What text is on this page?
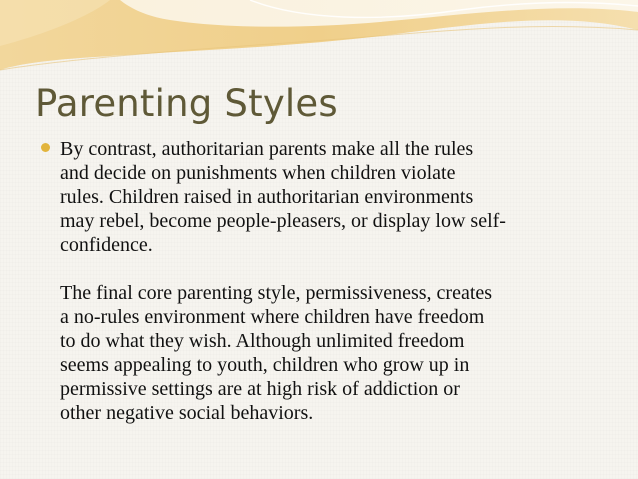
Parenting Styles

By contrast, authoritarian parents make all the rules
and decide on punishments when children violate
rules. Children raised in authoritarian environments
may rebel, become people-pleasers, or display low self-
confidence.
The final core parenting style, permissiveness, creates
a no-rules environment where children have freedom
to do what they wish. Although unlimited freedom
seems appealing to youth, children who grow up in
permissive settings are at high risk of addiction or
other negative social behaviors.
